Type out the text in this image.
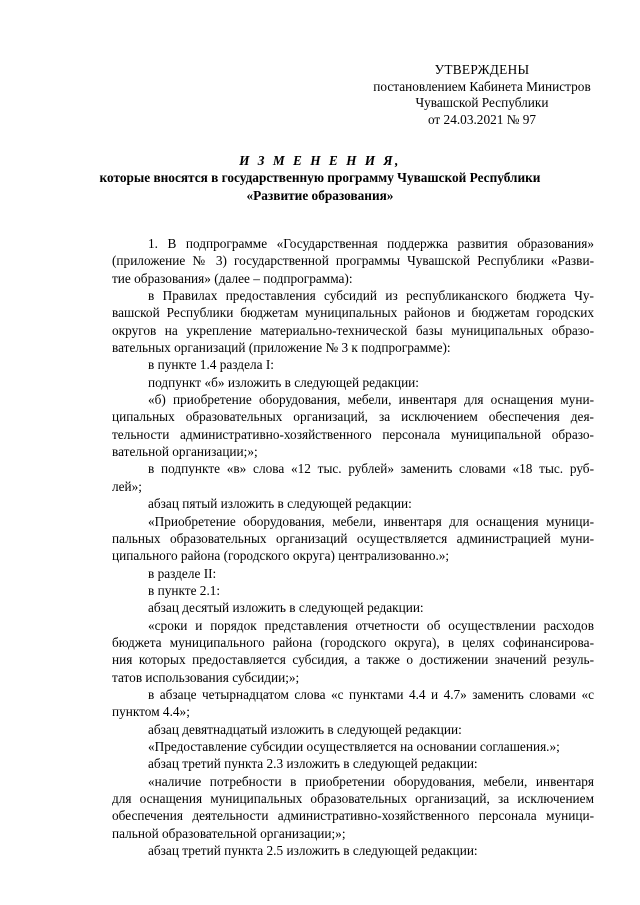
УТВЕРЖДЕНЫ
постановлением Кабинета Министров
Чувашской Республики
от 24.03.2021 № 97
И З М Е Н Е Н И Я,
которые вносятся в государственную программу Чувашской Республики
«Развитие образования»
1. В подпрограмме «Государственная поддержка развития образования»
(приложение № 3) государственной программы Чувашской Республики «Разви-
тие образования» (далее – подпрограмма):
в Правилах предоставления субсидий из республиканского бюджета Чу-
вашской Республики бюджетам муниципальных районов и бюджетам городских
округов на укрепление материально-технической базы муниципальных образо-
вательных организаций (приложение № 3 к подпрограмме):
в пункте 1.4 раздела I:
подпункт «б» изложить в следующей редакции:
«б) приобретение оборудования, мебели, инвентаря для оснащения муни-
ципальных образовательных организаций, за исключением обеспечения дея-
тельности административно-хозяйственного персонала муниципальной образо-
вательной организации;»;
в подпункте «в» слова «12 тыс. рублей» заменить словами «18 тыс. руб-
лей»;
абзац пятый изложить в следующей редакции:
«Приобретение оборудования, мебели, инвентаря для оснащения муници-
пальных образовательных организаций осуществляется администрацией муни-
ципального района (городского округа) централизованно.»;
в разделе II:
в пункте 2.1:
абзац десятый изложить в следующей редакции:
«сроки и порядок представления отчетности об осуществлении расходов
бюджета муниципального района (городского округа), в целях софинансирова-
ния которых предоставляется субсидия, а также о достижении значений резуль-
татов использования субсидии;»;
в абзаце четырнадцатом слова «с пунктами 4.4 и 4.7» заменить словами «с
пунктом 4.4»;
абзац девятнадцатый изложить в следующей редакции:
«Предоставление субсидии осуществляется на основании соглашения.»;
абзац третий пункта 2.3 изложить в следующей редакции:
«наличие потребности в приобретении оборудования, мебели, инвентаря
для оснащения муниципальных образовательных организаций, за исключением
обеспечения деятельности административно-хозяйственного персонала муници-
пальной образовательной организации;»;
абзац третий пункта 2.5 изложить в следующей редакции:
